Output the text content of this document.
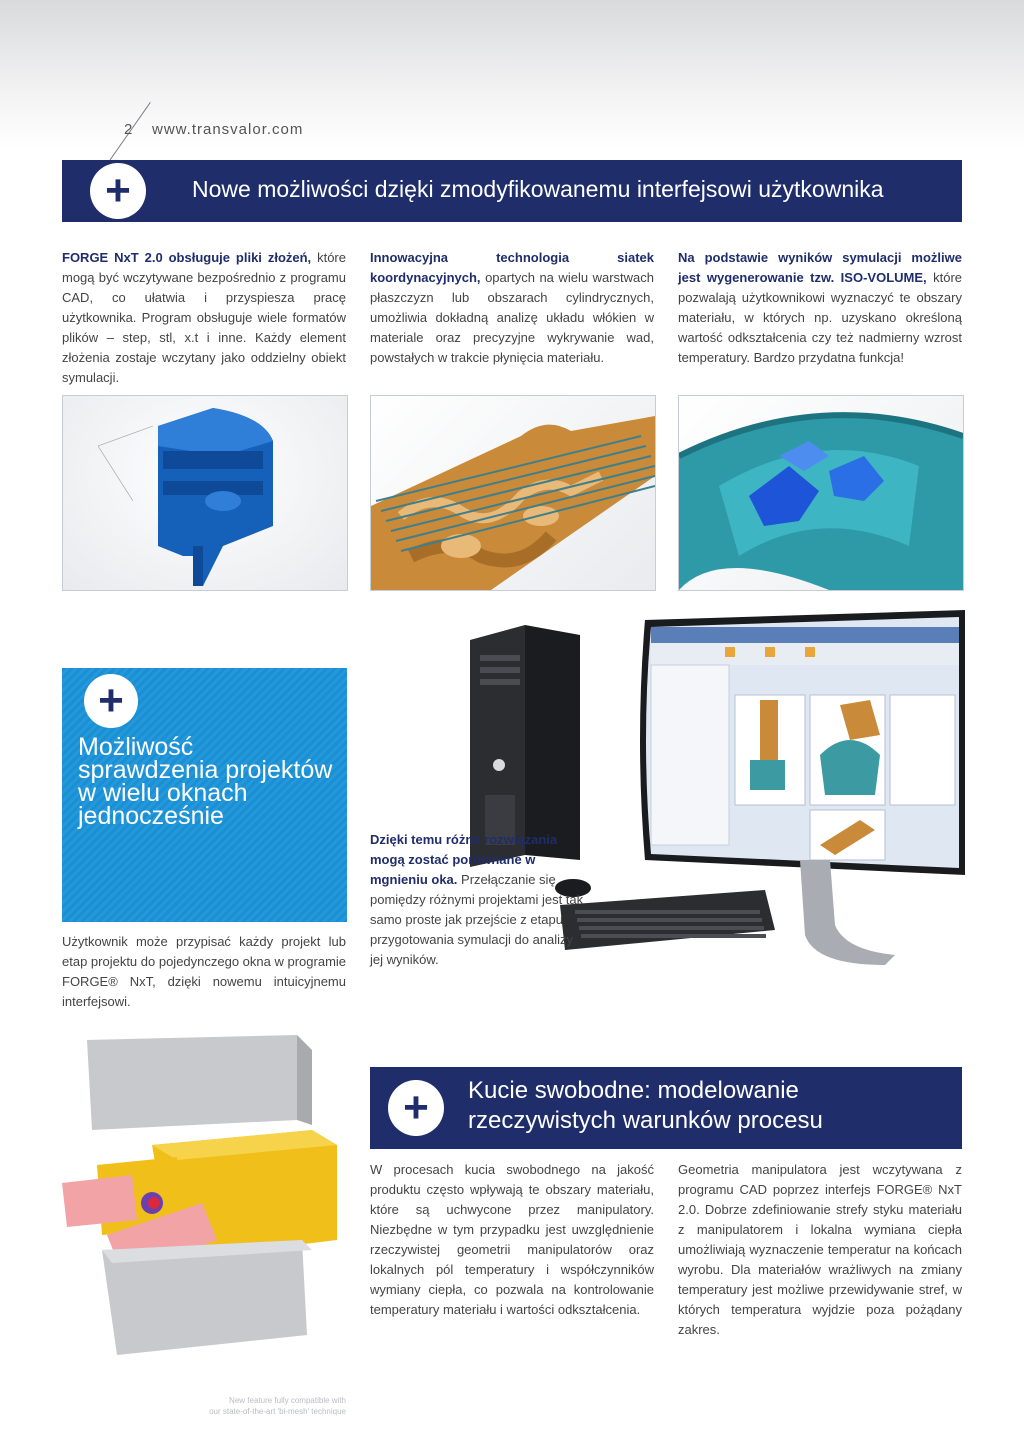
2 www.transvalor.com
+	Nowe możliwości dzięki zmodyfikowanemu interfejsowi użytkownika
FORGE NxT 2.0 obsługuje pliki złożeń, które mogą być wczytywane bezpośrednio z programu CAD, co ułatwia i przyspiesza pracę użytkownika. Program obsługuje wiele formatów plików – step, stl, x.t i inne. Każdy element złożenia zostaje wczytany jako oddzielny obiekt symulacji.
Innowacyjna technologia siatek koordynacyjnych, opartych na wielu warstwach płaszczyzn lub obszarach cylindrycznych, umożliwia dokładną analizę układu włókien w materiale oraz precyzyjne wykrywanie wad, powstałych w trakcie płynięcia materiału.
Na podstawie wyników symulacji możliwe jest wygenerowanie tzw. ISO-VOLUME, które pozwalają użytkownikowi wyznaczyć te obszary materiału, w których np. uzyskano określoną wartość odkształcenia czy też nadmierny wzrost temperatury. Bardzo przydatna funkcja!
+
Możliwość sprawdzenia projektów w wielu oknach jednocześnie
Użytkownik może przypisać każdy projekt lub etap projektu do pojedynczego okna w programie FORGE® NxT, dzięki nowemu intuicyjnemu interfejsowi.
Dzięki temu różne rozwiązania mogą zostać porównane w mgnieniu oka. Przełączanie się pomiędzy różnymi projektami jest tak samo proste jak przejście z etapu przygotowania symulacji do analizy jej wyników.
New feature fully compatible with
our state-of-the-art 'bi-mesh' technique
+	Kucie swobodne: modelowanie
rzeczywistych warunków procesu
W procesach kucia swobodnego na jakość produktu często wpływają te obszary materiału, które są uchwycone przez manipulatory. Niezbędne w tym przypadku jest uwzględnienie rzeczywistej geometrii manipulatorów oraz lokalnych pól temperatury i współczynników wymiany ciepła, co pozwala na kontrolowanie temperatury materiału i wartości odkształcenia.
Geometria manipulatora jest wczytywana z programu CAD poprzez interfejs FORGE® NxT 2.0. Dobrze zdefiniowanie strefy styku materiału z manipulatorem i lokalna wymiana ciepła umożliwiają wyznaczenie temperatur na końcach wyrobu. Dla materiałów wrażliwych na zmiany temperatury jest możliwe przewidywanie stref, w których temperatura wyjdzie poza pożądany zakres.
